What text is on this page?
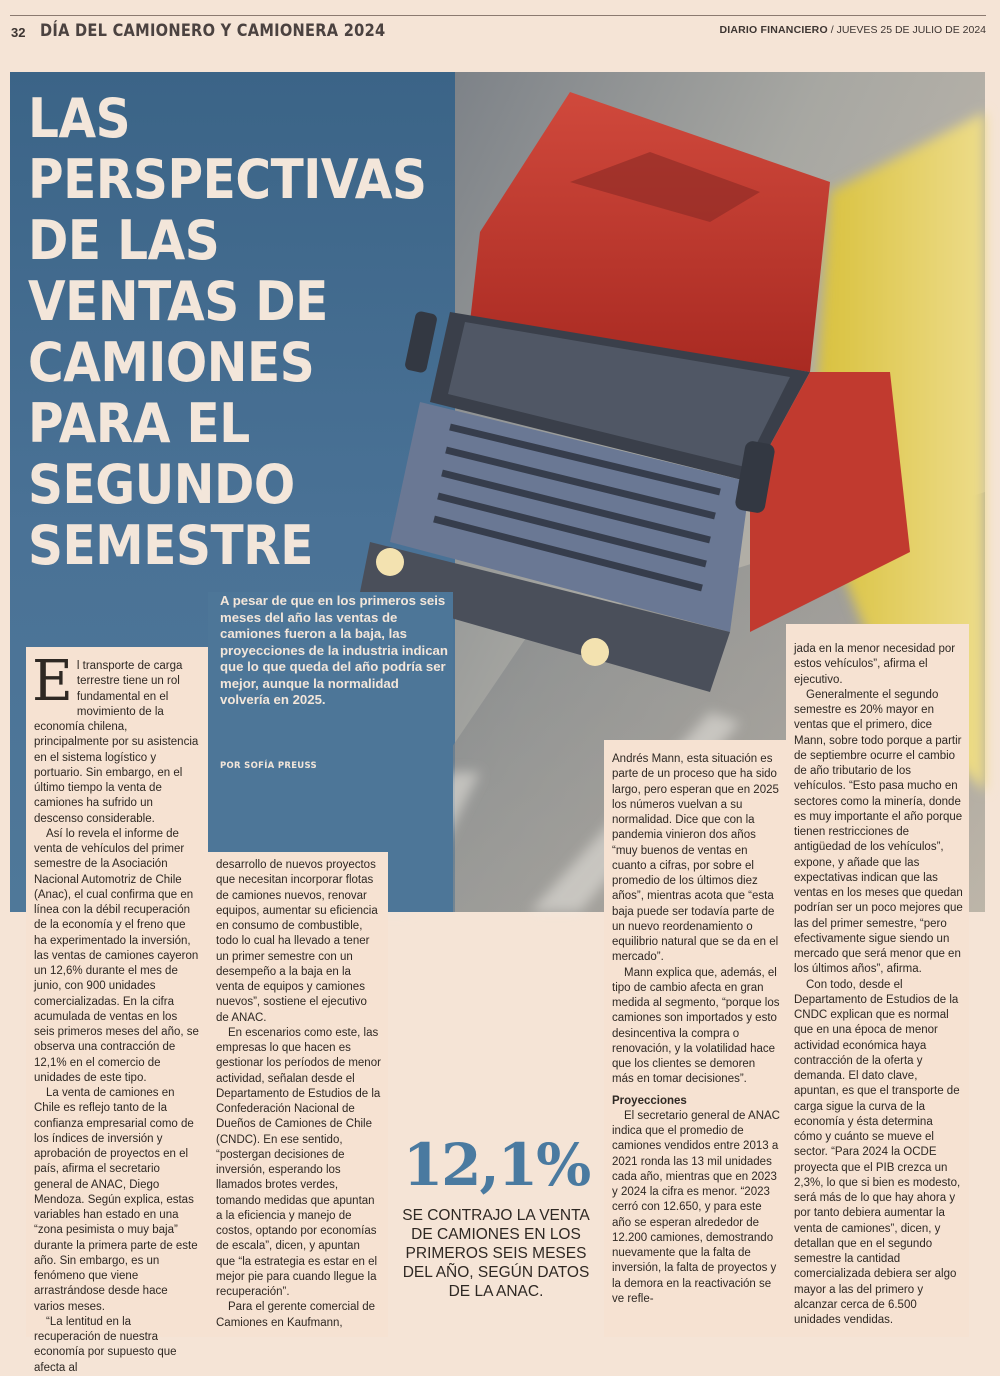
32 DÍA DEL CAMIONERO Y CAMIONERA 2024	DIARIO FINANCIERO / JUEVES 25 DE JULIO DE 2024
LAS
PERSPECTIVAS
DE LAS
VENTAS DE
CAMIONES
PARA EL
SEGUNDO
SEMESTRE
A pesar de que en los primeros seis meses del año las ventas de camiones fueron a la baja, las proyecciones de la industria indican que lo que queda del año podría ser mejor, aunque la normalidad volvería en 2025.
POR SOFÍA PREUSS

El transporte de carga terrestre tiene un rol fundamental en el movimiento de la economía chilena, principalmente por su asistencia en el sistema logístico y portuario. Sin embargo, en el último tiempo la venta de camiones ha sufrido un descenso considerable.

Así lo revela el informe de venta de vehículos del primer semestre de la Asociación Nacional Automotriz de Chile (Anac), el cual confirma que en línea con la débil recuperación de la economía y el freno que ha experimentado la inversión, las ventas de camiones cayeron un 12,6% durante el mes de junio, con 900 unidades comercializadas. En la cifra acumulada de ventas en los seis primeros meses del año, se observa una contracción de 12,1% en el comercio de unidades de este tipo.

La venta de camiones en Chile es reflejo tanto de la confianza empresarial como de los índices de inversión y aprobación de proyectos en el país, afirma el secretario general de ANAC, Diego Mendoza. Según explica, estas variables han estado en una “zona pesimista o muy baja” durante la primera parte de este año. Sin embargo, es un fenómeno que viene arrastrándose desde hace varios meses.

“La lentitud en la recuperación de nuestra economía por supuesto que afecta al

desarrollo de nuevos proyectos que necesitan incorporar flotas de camiones nuevos, renovar equipos, aumentar su eficiencia en consumo de combustible, todo lo cual ha llevado a tener un primer semestre con un desempeño a la baja en la venta de equipos y camiones nuevos”, sostiene el ejecutivo de ANAC.

En escenarios como este, las empresas lo que hacen es gestionar los períodos de menor actividad, señalan desde el Departamento de Estudios de la Confederación Nacional de Dueños de Camiones de Chile (CNDC). En ese sentido, “postergan decisiones de inversión, esperando los llamados brotes verdes, tomando medidas que apuntan a la eficiencia y manejo de costos, optando por economías de escala”, dicen, y apuntan que “la estrategia es estar en el mejor pie para cuando llegue la recuperación”.

Para el gerente comercial de Camiones en Kaufmann,

Andrés Mann, esta situación es parte de un proceso que ha sido largo, pero esperan que en 2025 los números vuelvan a su normalidad. Dice que con la pandemia vinieron dos años “muy buenos de ventas en cuanto a cifras, por sobre el promedio de los últimos diez años”, mientras acota que “esta baja puede ser todavía parte de un nuevo reordenamiento o equilibrio natural que se da en el mercado”.

Mann explica que, además, el tipo de cambio afecta en gran medida al segmento, “porque los camiones son importados y esto desincentiva la compra o renovación, y la volatilidad hace que los clientes se demoren más en tomar decisiones”.

Proyecciones

El secretario general de ANAC indica que el promedio de camiones vendidos entre 2013 a 2021 ronda las 13 mil unidades cada año, mientras que en 2023 y 2024 la cifra es menor. “2023 cerró con 12.650, y para este año se esperan alrededor de 12.200 camiones, demostrando nuevamente que la falta de inversión, la falta de proyectos y la demora en la reactivación se ve refle-

jada en la menor necesidad por estos vehículos”, afirma el ejecutivo.

Generalmente el segundo semestre es 20% mayor en ventas que el primero, dice Mann, sobre todo porque a partir de septiembre ocurre el cambio de año tributario de los vehículos. “Esto pasa mucho en sectores como la minería, donde es muy importante el año porque tienen restricciones de antigüedad de los vehículos”, expone, y añade que las expectativas indican que las ventas en los meses que quedan podrían ser un poco mejores que las del primer semestre, “pero efectivamente sigue siendo un mercado que será menor que en los últimos años”, afirma.

Con todo, desde el Departamento de Estudios de la CNDC explican que es normal que en una época de menor actividad económica haya contracción de la oferta y demanda. El dato clave, apuntan, es que el transporte de carga sigue la curva de la economía y ésta determina cómo y cuánto se mueve el sector. “Para 2024 la OCDE proyecta que el PIB crezca un 2,3%, lo que si bien es modesto, será más de lo que hay ahora y por tanto debiera aumentar la venta de camiones”, dicen, y detallan que en el segundo semestre la cantidad comercializada debiera ser algo mayor a las del primero y alcanzar cerca de 6.500 unidades vendidas.

12,1%
SE CONTRAJO LA VENTA DE CAMIONES EN LOS PRIMEROS SEIS MESES DEL AÑO, SEGÚN DATOS DE LA ANAC.
